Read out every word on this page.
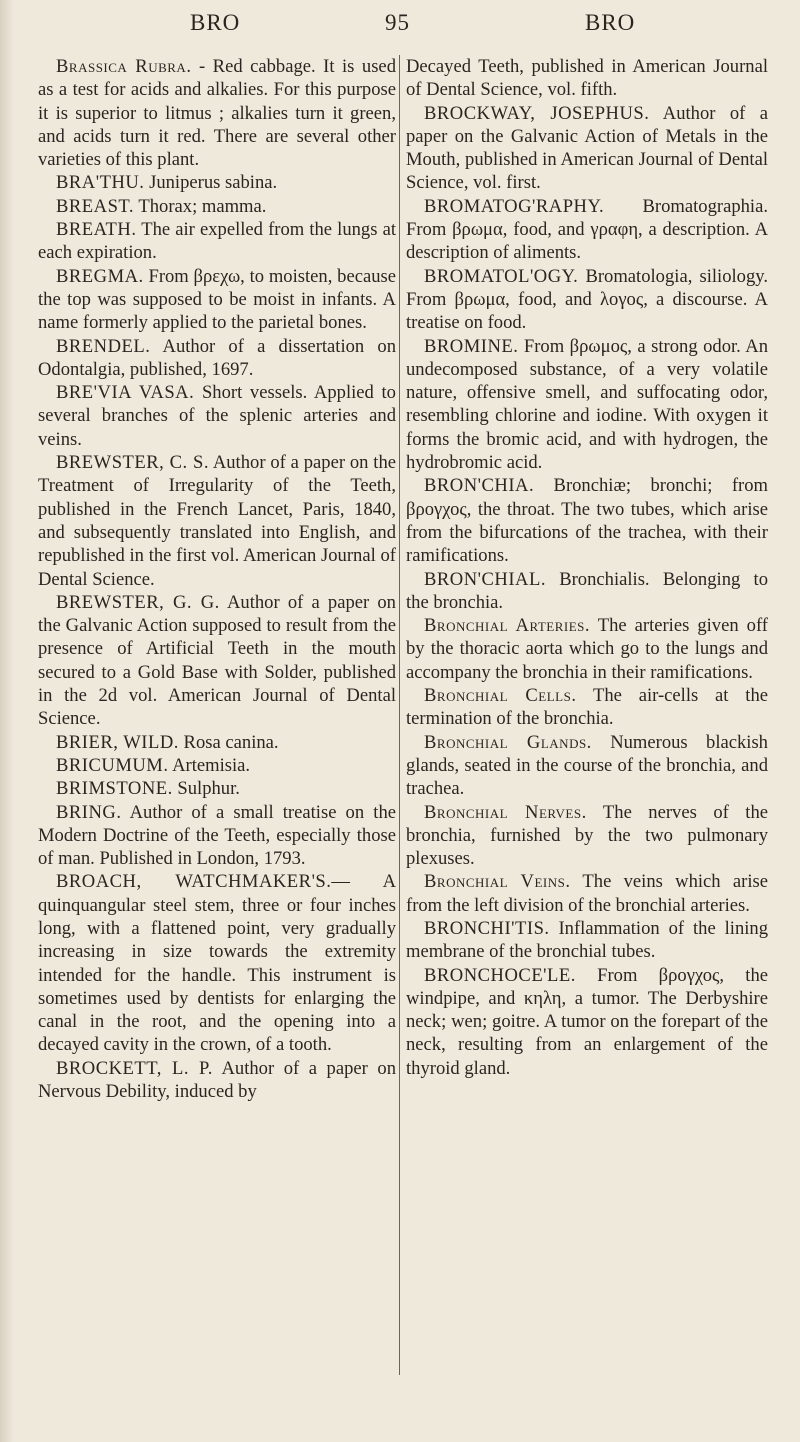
BRO	95	BRO

Brassica Rubra. - Red cabbage. It is used as a test for acids and alkalies. For this purpose it is superior to litmus ; alkalies turn it green, and acids turn it red. There are several other varieties of this plant.

BRA'THU. Juniperus sabina.

BREAST. Thorax; mamma.

BREATH. The air expelled from the lungs at each expiration.

BREGMA. From βρεχω, to moisten, because the top was supposed to be moist in infants. A name formerly applied to the parietal bones.

BRENDEL. Author of a dissertation on Odontalgia, published, 1697.

BRE'VIA VASA. Short vessels. Applied to several branches of the splenic arteries and veins.

BREWSTER, C. S. Author of a paper on the Treatment of Irregularity of the Teeth, published in the French Lancet, Paris, 1840, and subsequently translated into English, and republished in the first vol. American Journal of Dental Science.

BREWSTER, G. G. Author of a paper on the Galvanic Action supposed to result from the presence of Artificial Teeth in the mouth secured to a Gold Base with Solder, published in the 2d vol. American Journal of Dental Science.

BRIER, WILD. Rosa canina.

BRICUMUM. Artemisia.

BRIMSTONE. Sulphur.

BRING. Author of a small treatise on the Modern Doctrine of the Teeth, especially those of man. Published in London, 1793.

BROACH, WATCHMAKER'S.— A quinquangular steel stem, three or four inches long, with a flattened point, very gradually increasing in size towards the extremity intended for the handle. This instrument is sometimes used by dentists for enlarging the canal in the root, and the opening into a decayed cavity in the crown, of a tooth.

BROCKETT, L. P. Author of a paper on Nervous Debility, induced by

Decayed Teeth, published in American Journal of Dental Science, vol. fifth.

BROCKWAY, JOSEPHUS. Author of a paper on the Galvanic Action of Metals in the Mouth, published in American Journal of Dental Science, vol. first.

BROMATOG'RAPHY. Bromatographia. From βρωμα, food, and γραφη, a description. A description of aliments.

BROMATOL'OGY. Bromatologia, siliology. From βρωμα, food, and λογος, a discourse. A treatise on food.

BROMINE. From βρωμος, a strong odor. An undecomposed substance, of a very volatile nature, offensive smell, and suffocating odor, resembling chlorine and iodine. With oxygen it forms the bromic acid, and with hydrogen, the hydrobromic acid.

BRON'CHIA. Bronchiæ; bronchi; from βρογχος, the throat. The two tubes, which arise from the bifurcations of the trachea, with their ramifications.

BRON'CHIAL. Bronchialis. Belonging to the bronchia.

Bronchial Arteries. The arteries given off by the thoracic aorta which go to the lungs and accompany the bronchia in their ramifications.

Bronchial Cells. The air-cells at the termination of the bronchia.

Bronchial Glands. Numerous blackish glands, seated in the course of the bronchia, and trachea.

Bronchial Nerves. The nerves of the bronchia, furnished by the two pulmonary plexuses.

Bronchial Veins. The veins which arise from the left division of the bronchial arteries.

BRONCHI'TIS. Inflammation of the lining membrane of the bronchial tubes.

BRONCHOCE'LE. From βρογχος, the windpipe, and κηλη, a tumor. The Derbyshire neck; wen; goitre. A tumor on the forepart of the neck, resulting from an enlargement of the thyroid gland.
